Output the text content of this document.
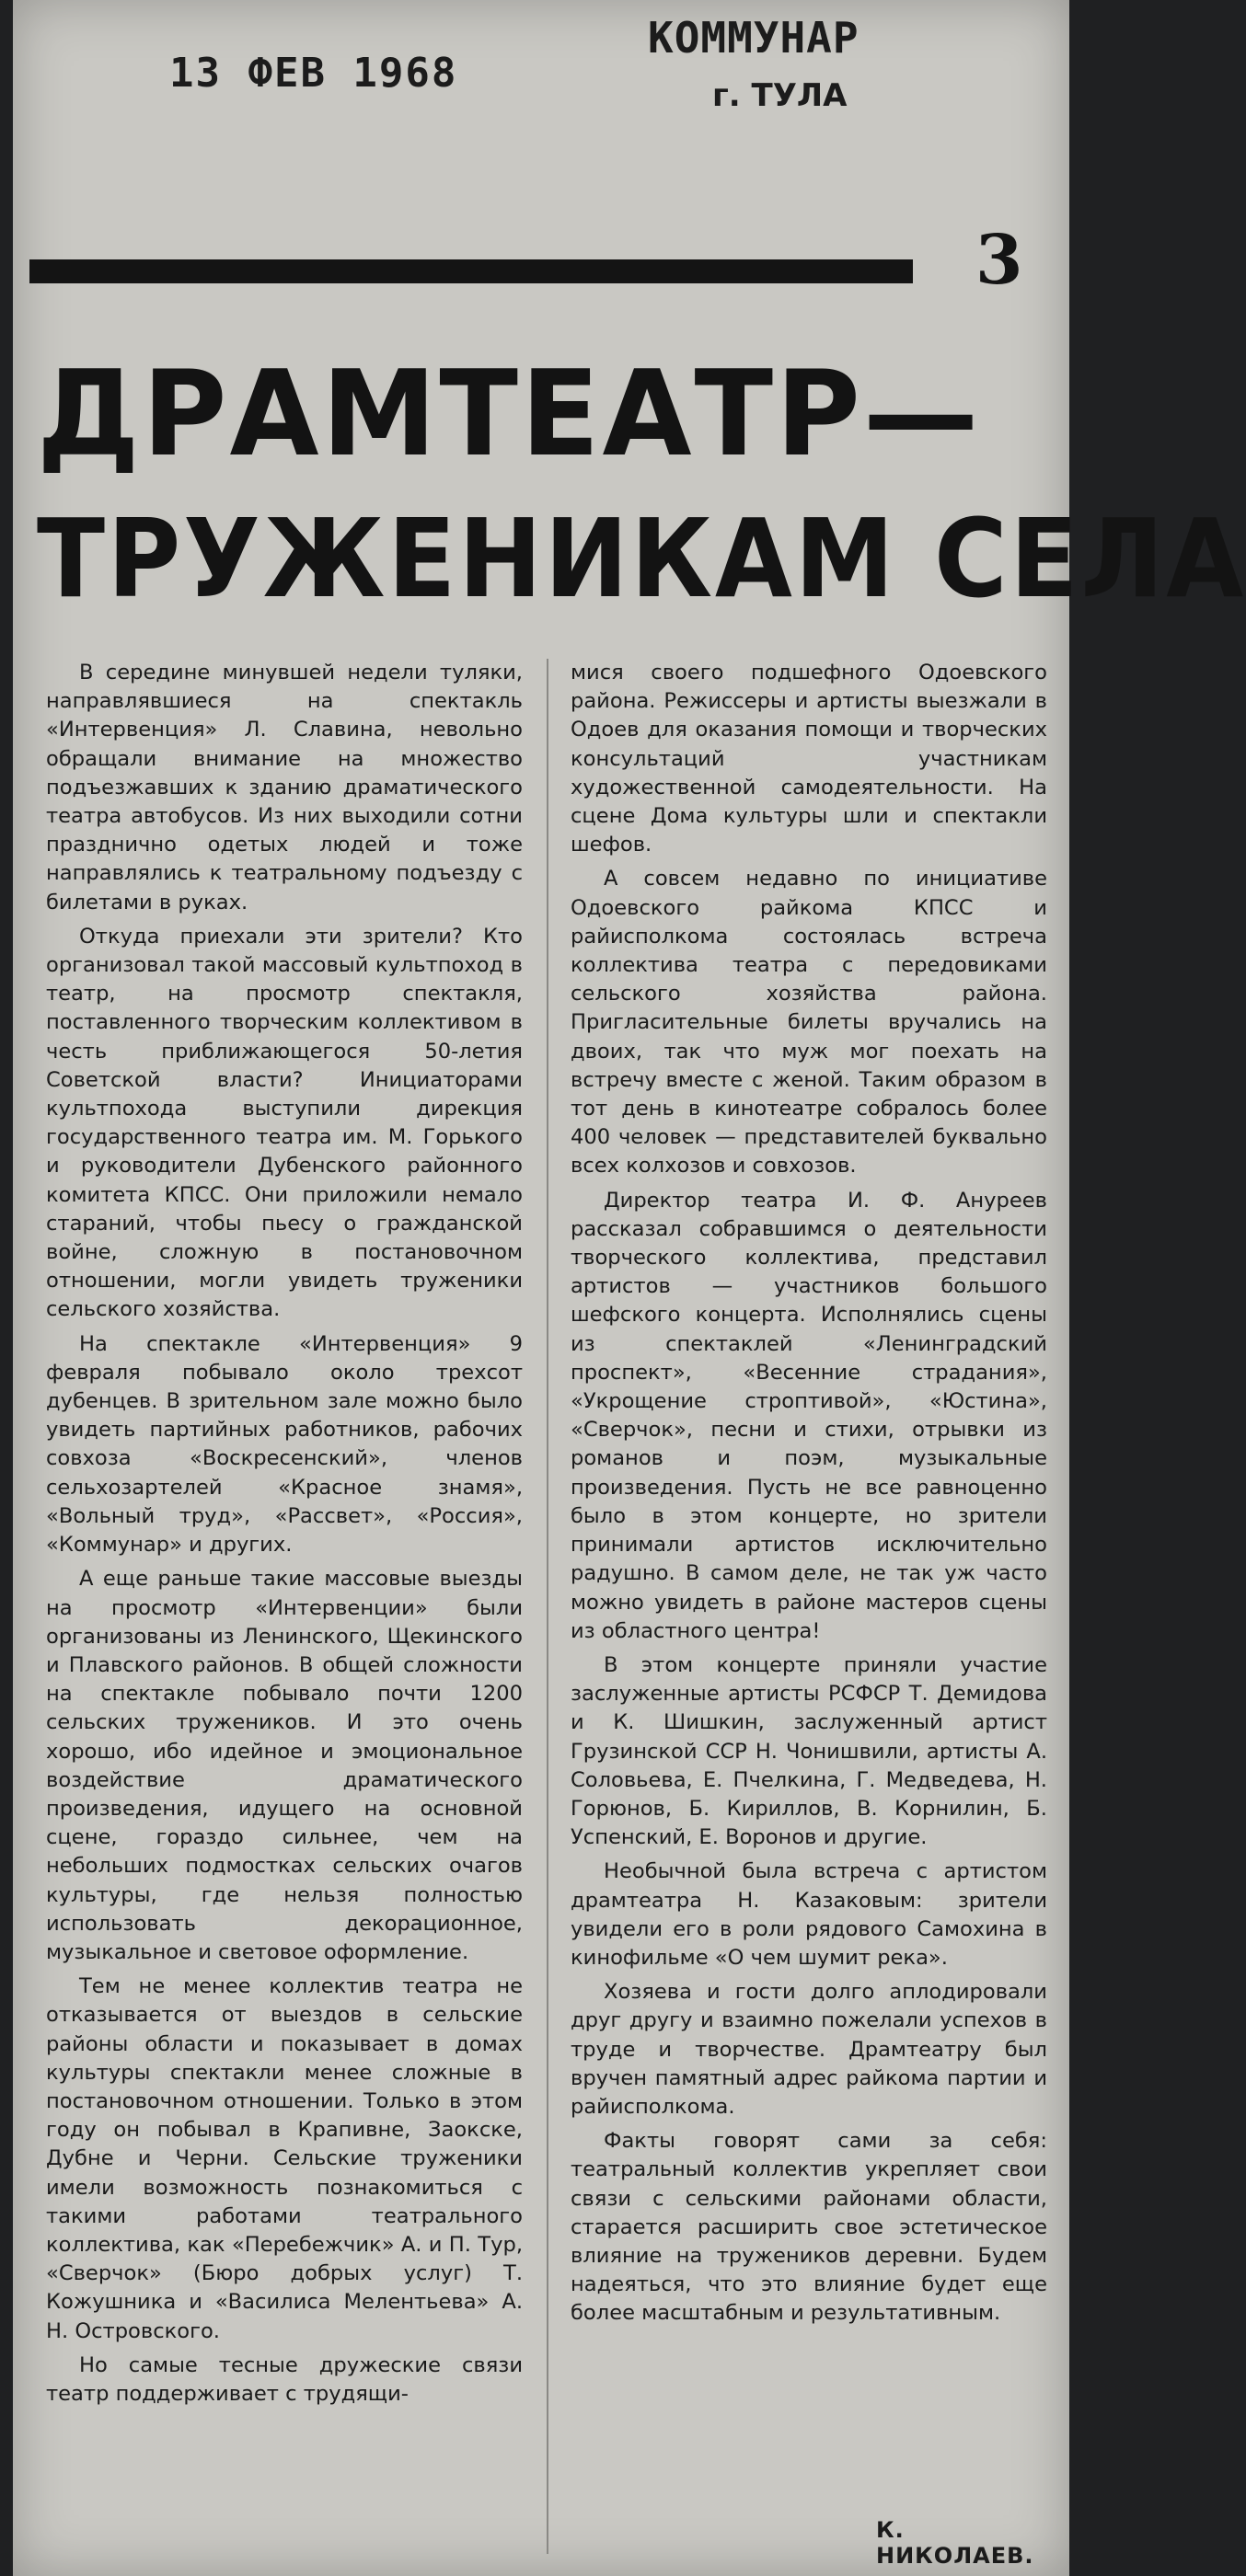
13 ФЕВ 1968
КОММУНАР
г. ТУЛА
3
ДРАМТЕАТР—
ТРУЖЕНИКАМ СЕЛА

В середине минувшей недели туляки, направлявшиеся на спектакль «Интервенция» Л. Славина, невольно обращали внимание на множество подъезжавших к зданию драматического театра автобусов. Из них выходили сотни празднично одетых людей и тоже направлялись к театральному подъезду с билетами в руках.

Откуда приехали эти зрители? Кто организовал такой массовый культпоход в театр, на просмотр спектакля, поставленного творческим коллективом в честь приближающегося 50-летия Советской власти? Инициаторами культпохода выступили дирекция государственного театра им. М. Горького и руководители Дубенского районного комитета КПСС. Они приложили немало стараний, чтобы пьесу о гражданской войне, сложную в постановочном отношении, могли увидеть труженики сельского хозяйства.

На спектакле «Интервенция» 9 февраля побывало около трехсот дубенцев. В зрительном зале можно было увидеть партийных работников, рабочих совхоза «Воскресенский», членов сельхозартелей «Красное знамя», «Вольный труд», «Рассвет», «Россия», «Коммунар» и других.

А еще раньше такие массовые выезды на просмотр «Интервенции» были организованы из Ленинского, Щекинского и Плавского районов. В общей сложности на спектакле побывало почти 1200 сельских тружеников. И это очень хорошо, ибо идейное и эмоциональное воздействие драматического произведения, идущего на основной сцене, гораздо сильнее, чем на небольших подмостках сельских очагов культуры, где нельзя полностью использовать декорационное, музыкальное и световое оформление.

Тем не менее коллектив театра не отказывается от выездов в сельские районы области и показывает в домах культуры спектакли менее сложные в постановочном отношении. Только в этом году он побывал в Крапивне, Заокске, Дубне и Черни. Сельские труженики имели возможность познакомиться с такими работами театрального коллектива, как «Перебежчик» А. и П. Тур, «Сверчок» (Бюро добрых услуг) Т. Кожушника и «Василиса Мелентьева» А. Н. Островского.

Но самые тесные дружеские связи театр поддерживает с трудящи-

мися своего подшефного Одоевского района. Режиссеры и артисты выезжали в Одоев для оказания помощи и творческих консультаций участникам художественной самодеятельности. На сцене Дома культуры шли и спектакли шефов.

А совсем недавно по инициативе Одоевского райкома КПСС и райисполкома состоялась встреча коллектива театра с передовиками сельского хозяйства района. Пригласительные билеты вручались на двоих, так что муж мог поехать на встречу вместе с женой. Таким образом в тот день в кинотеатре собралось более 400 человек — представителей буквально всех колхозов и совхозов.

Директор театра И. Ф. Ануреев рассказал собравшимся о деятельности творческого коллектива, представил артистов — участников большого шефского концерта. Исполнялись сцены из спектаклей «Ленинградский проспект», «Весенние страдания», «Укрощение строптивой», «Юстина», «Сверчок», песни и стихи, отрывки из романов и поэм, музыкальные произведения. Пусть не все равноценно было в этом концерте, но зрители принимали артистов исключительно радушно. В самом деле, не так уж часто можно увидеть в районе мастеров сцены из областного центра!

В этом концерте приняли участие заслуженные артисты РСФСР Т. Демидова и К. Шишкин, заслуженный артист Грузинской ССР Н. Чонишвили, артисты А. Соловьева, Е. Пчелкина, Г. Медведева, Н. Горюнов, Б. Кириллов, В. Корнилин, Б. Успенский, Е. Воронов и другие.

Необычной была встреча с артистом драмтеатра Н. Казаковым: зрители увидели его в роли рядового Самохина в кинофильме «О чем шумит река».

Хозяева и гости долго аплодировали друг другу и взаимно пожелали успехов в труде и творчестве. Драмтеатру был вручен памятный адрес райкома партии и райисполкома.

Факты говорят сами за себя: театральный коллектив укрепляет свои связи с сельскими районами области, старается расширить свое эстетическое влияние на тружеников деревни. Будем надеяться, что это влияние будет еще более масштабным и результативным.

К. НИКОЛАЕВ.
